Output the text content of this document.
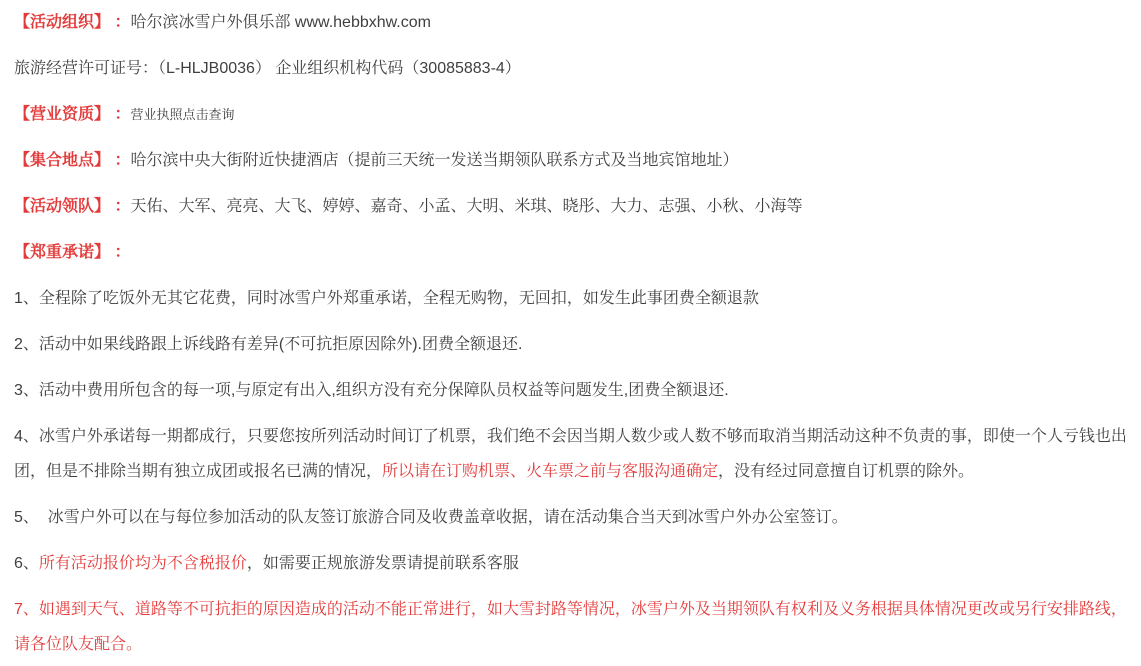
【活动组织】 ：哈尔滨冰雪户外俱乐部 www.hebbxhw.com

旅游经营许可证号：（L-HLJB0036） 企业组织机构代码（30085883-4）

【营业资质】 ：营业执照点击查询

【集合地点】 ：哈尔滨中央大街附近快捷酒店（提前三天统一发送当期领队联系方式及当地宾馆地址）

【活动领队】 ：天佑、大军、亮亮、大飞、婷婷、嘉奇、小孟、大明、米琪、晓彤、大力、志强、小秋、小海等

【郑重承诺】 ：

1、全程除了吃饭外无其它花费，同时冰雪户外郑重承诺，全程无购物，无回扣，如发生此事团费全额退款

2、活动中如果线路跟上诉线路有差异(不可抗拒原因除外).团费全额退还.

3、活动中费用所包含的每一项,与原定有出入,组织方没有充分保障队员权益等问题发生,团费全额退还.

4、冰雪户外承诺每一期都成行，只要您按所列活动时间订了机票，我们绝不会因当期人数少或人数不够而取消当期活动这种不负责的事，即使一个人亏钱也出团，但是不排除当期有独立成团或报名已满的情况，所以请在订购机票、火车票之前与客服沟通确定，没有经过同意擅自订机票的除外。

5、  冰雪户外可以在与每位参加活动的队友签订旅游合同及收费盖章收据，请在活动集合当天到冰雪户外办公室签订。

6、所有活动报价均为不含税报价，如需要正规旅游发票请提前联系客服

7、如遇到天气、道路等不可抗拒的原因造成的活动不能正常进行，如大雪封路等情况，冰雪户外及当期领队有权利及义务根据具体情况更改或另行安排路线，请各位队友配合。
